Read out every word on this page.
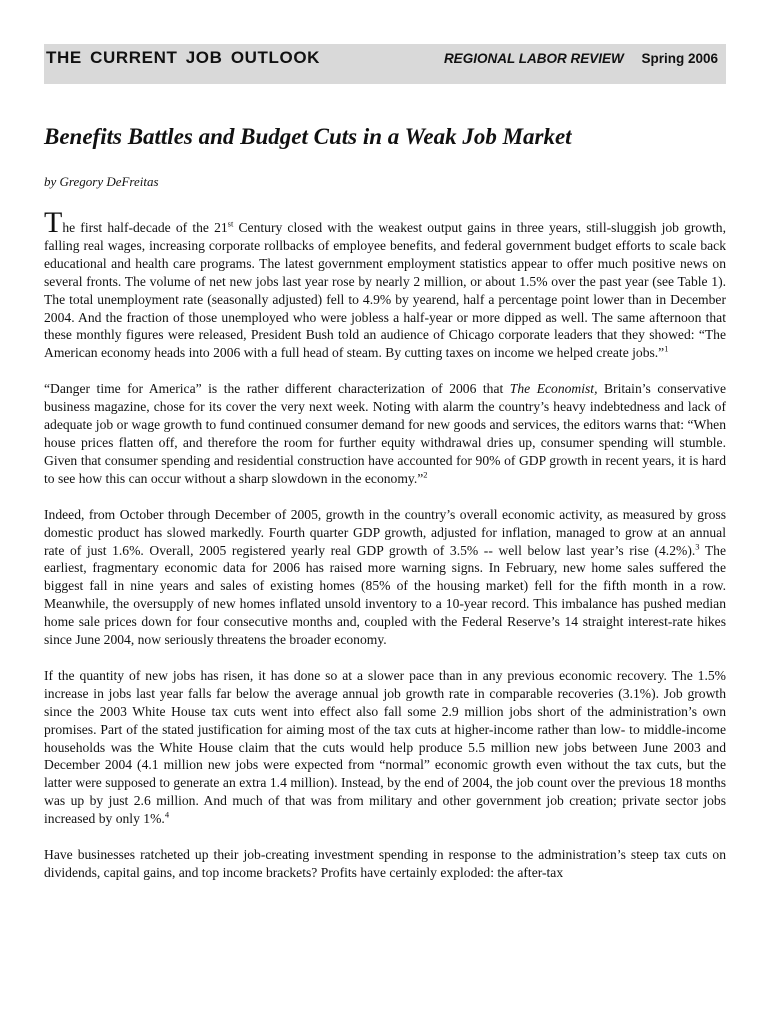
THE CURRENT JOB OUTLOOK	REGIONAL LABOR REVIEW Spring 2006
Benefits Battles and Budget Cuts in a Weak Job Market

by Gregory DeFreitas

The first half-decade of the 21st Century closed with the weakest output gains in three years, still-sluggish job growth, falling real wages, increasing corporate rollbacks of employee benefits, and federal government budget efforts to scale back educational and health care programs. The latest government employment statistics appear to offer much positive news on several fronts. The volume of net new jobs last year rose by nearly 2 million, or about 1.5% over the past year (see Table 1). The total unemployment rate (seasonally adjusted) fell to 4.9% by yearend, half a percentage point lower than in December 2004. And the fraction of those unemployed who were jobless a half-year or more dipped as well. The same afternoon that these monthly figures were released, President Bush told an audience of Chicago corporate leaders that they showed: “The American economy heads into 2006 with a full head of steam. By cutting taxes on income we helped create jobs.”$^1$

“Danger time for America” is the rather different characterization of 2006 that The Economist, Britain’s conservative business magazine, chose for its cover the very next week. Noting with alarm the country’s heavy indebtedness and lack of adequate job or wage growth to fund continued consumer demand for new goods and services, the editors warns that: “When house prices flatten off, and therefore the room for further equity withdrawal dries up, consumer spending will stumble. Given that consumer spending and residential construction have accounted for 90% of GDP growth in recent years, it is hard to see how this can occur without a sharp slowdown in the economy.”$^2$

Indeed, from October through December of 2005, growth in the country’s overall economic activity, as measured by gross domestic product has slowed markedly. Fourth quarter GDP growth, adjusted for inflation, managed to grow at an annual rate of just 1.6%. Overall, 2005 registered yearly real GDP growth of 3.5% -- well below last year’s rise (4.2%).$^3$ The earliest, fragmentary economic data for 2006 has raised more warning signs. In February, new home sales suffered the biggest fall in nine years and sales of existing homes (85% of the housing market) fell for the fifth month in a row. Meanwhile, the oversupply of new homes inflated unsold inventory to a 10-year record. This imbalance has pushed median home sale prices down for four consecutive months and, coupled with the Federal Reserve’s 14 straight interest-rate hikes since June 2004, now seriously threatens the broader economy.

If the quantity of new jobs has risen, it has done so at a slower pace than in any previous economic recovery. The 1.5% increase in jobs last year falls far below the average annual job growth rate in comparable recoveries (3.1%). Job growth since the 2003 White House tax cuts went into effect also fall some 2.9 million jobs short of the administration’s own promises. Part of the stated justification for aiming most of the tax cuts at higher-income rather than low- to middle-income households was the White House claim that the cuts would help produce 5.5 million new jobs between June 2003 and December 2004 (4.1 million new jobs were expected from “normal” economic growth even without the tax cuts, but the latter were supposed to generate an extra 1.4 million). Instead, by the end of 2004, the job count over the previous 18 months was up by just 2.6 million. And much of that was from military and other government job creation; private sector jobs increased by only 1%.$^4$

Have businesses ratcheted up their job-creating investment spending in response to the administration’s steep tax cuts on dividends, capital gains, and top income brackets? Profits have certainly exploded: the after-tax
